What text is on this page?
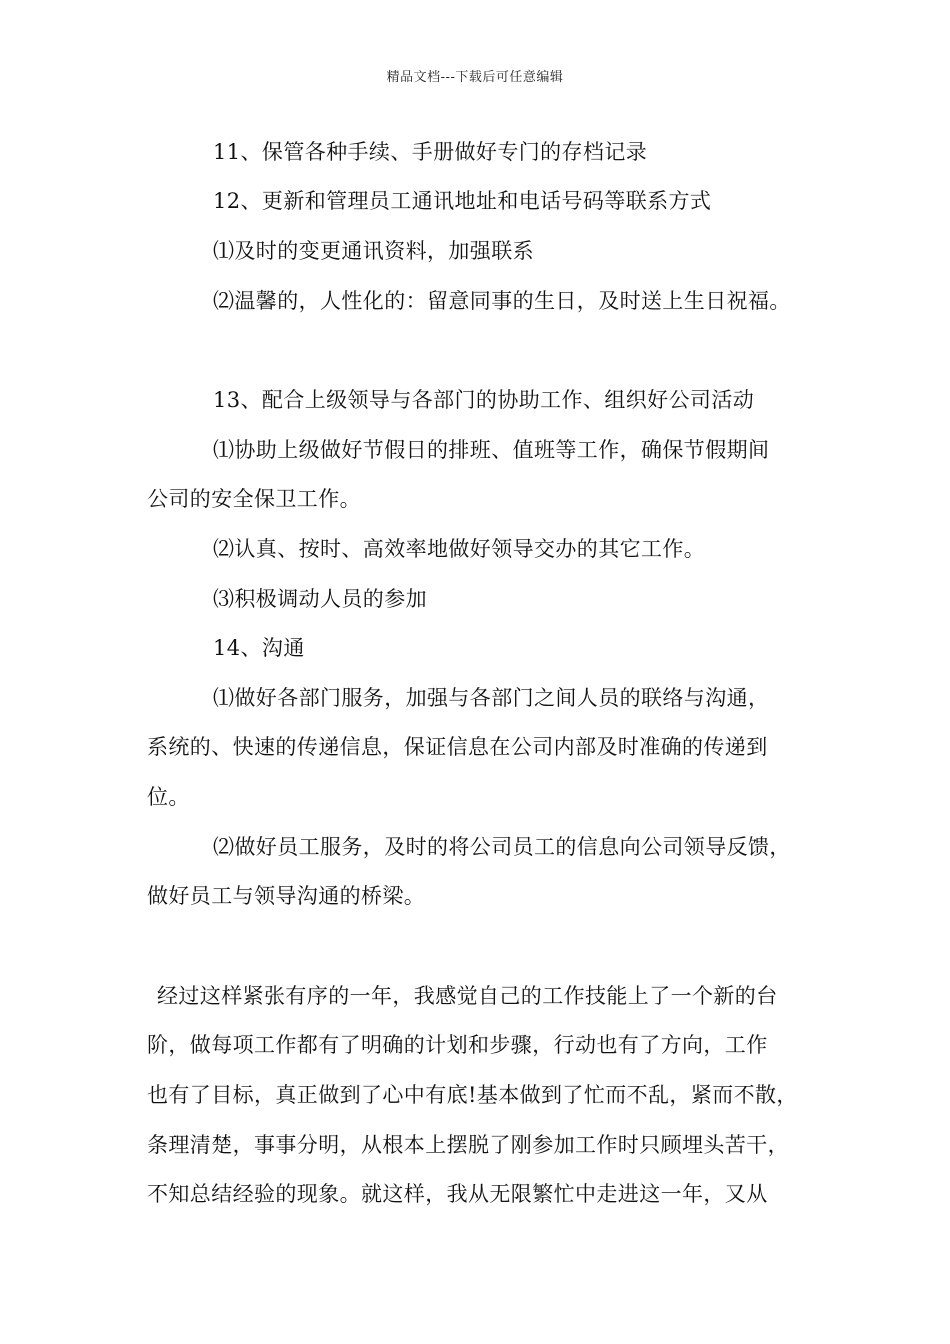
精品文档---下载后可任意编辑
11、保管各种手续、手册做好专门的存档记录
12、更新和管理员工通讯地址和电话号码等联系方式
⑴及时的变更通讯资料，加强联系
⑵温馨的，人性化的：留意同事的生日，及时送上生日祝福。
13、配合上级领导与各部门的协助工作、组织好公司活动
⑴协助上级做好节假日的排班、值班等工作，确保节假期间
公司的安全保卫工作。
⑵认真、按时、高效率地做好领导交办的其它工作。
⑶积极调动人员的参加
14、沟通
⑴做好各部门服务，加强与各部门之间人员的联络与沟通，
系统的、快速的传递信息，保证信息在公司内部及时准确的传递到
位。
⑵做好员工服务，及时的将公司员工的信息向公司领导反馈，
做好员工与领导沟通的桥梁。
经过这样紧张有序的一年，我感觉自己的工作技能上了一个新的台
阶，做每项工作都有了明确的计划和步骤，行动也有了方向，工作
也有了目标，真正做到了心中有底!基本做到了忙而不乱，紧而不散，
条理清楚，事事分明，从根本上摆脱了刚参加工作时只顾埋头苦干，
不知总结经验的现象。就这样，我从无限繁忙中走进这一年，又从
